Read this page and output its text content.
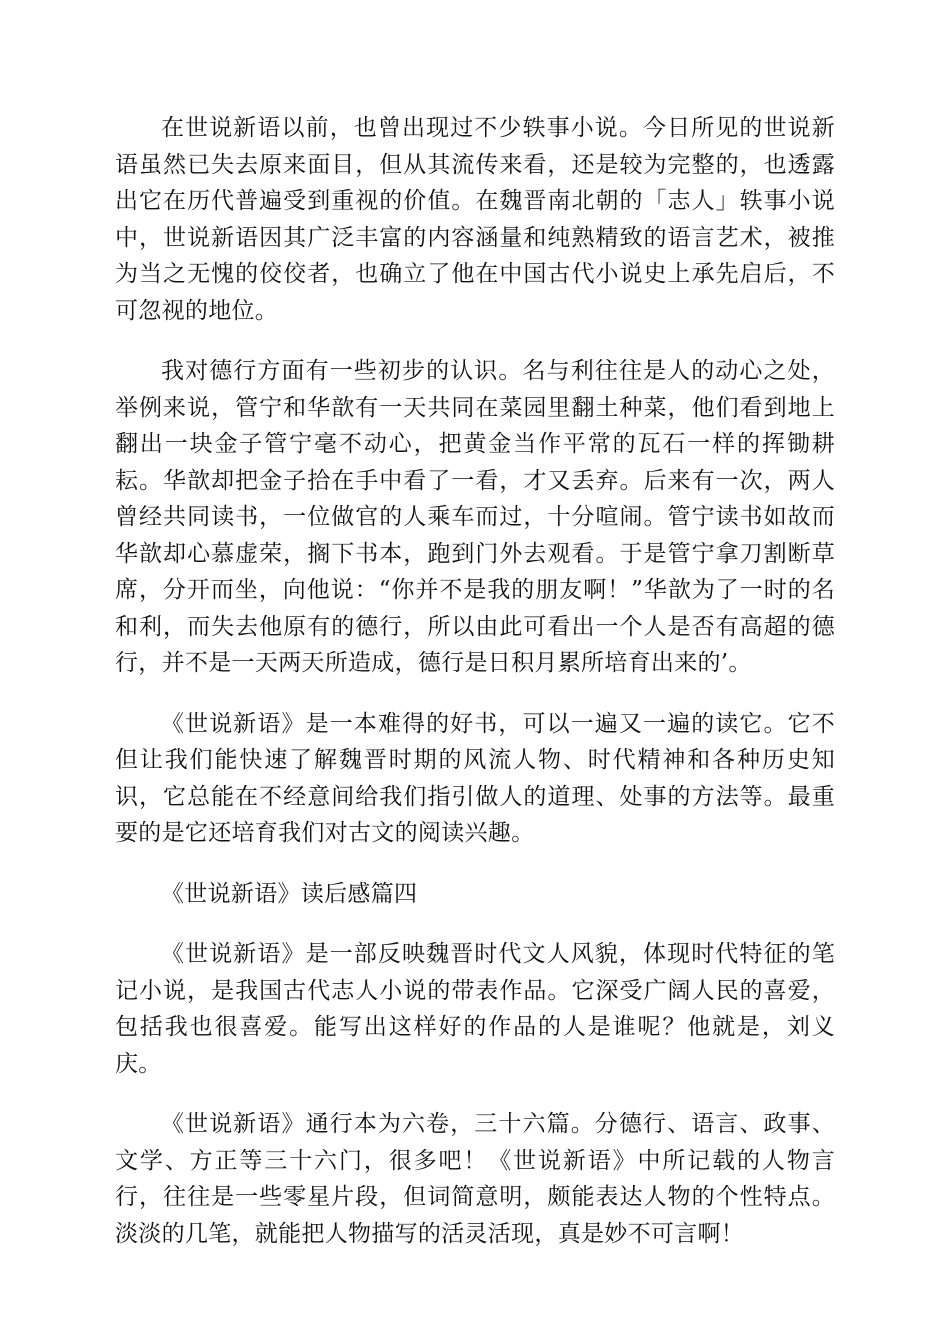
在世说新语以前，也曾出现过不少轶事小说。今日所见的世说新语虽然已失去原来面目，但从其流传来看，还是较为完整的，也透露出它在历代普遍受到重视的价值。在魏晋南北朝的「志人」轶事小说中，世说新语因其广泛丰富的内容涵量和纯熟精致的语言艺术，被推为当之无愧的佼佼者，也确立了他在中国古代小说史上承先启后，不可忽视的地位。

我对德行方面有一些初步的认识。名与利往往是人的动心之处，举例来说，管宁和华歆有一天共同在菜园里翻土种菜，他们看到地上翻出一块金子管宁毫不动心，把黄金当作平常的瓦石一样的挥锄耕耘。华歆却把金子拾在手中看了一看，才又丢弃。后来有一次，两人曾经共同读书，一位做官的人乘车而过，十分喧闹。管宁读书如故而华歆却心慕虚荣，搁下书本，跑到门外去观看。于是管宁拿刀割断草席，分开而坐，向他说：“你并不是我的朋友啊！”华歆为了一时的名和利，而失去他原有的德行，所以由此可看出一个人是否有高超的德行，并不是一天两天所造成，德行是日积月累所培育出来的’。

《世说新语》是一本难得的好书，可以一遍又一遍的读它。它不但让我们能快速了解魏晋时期的风流人物、时代精神和各种历史知识，它总能在不经意间给我们指引做人的道理、处事的方法等。最重要的是它还培育我们对古文的阅读兴趣。

《世说新语》读后感篇四

《世说新语》是一部反映魏晋时代文人风貌，体现时代特征的笔记小说，是我国古代志人小说的带表作品。它深受广阔人民的喜爱，包括我也很喜爱。能写出这样好的作品的人是谁呢？他就是，刘义庆。

《世说新语》通行本为六卷，三十六篇。分德行、语言、政事、文学、方正等三十六门，很多吧！《世说新语》中所记载的人物言行，往往是一些零星片段，但词简意明，颇能表达人物的个性特点。淡淡的几笔，就能把人物描写的活灵活现，真是妙不可言啊！
